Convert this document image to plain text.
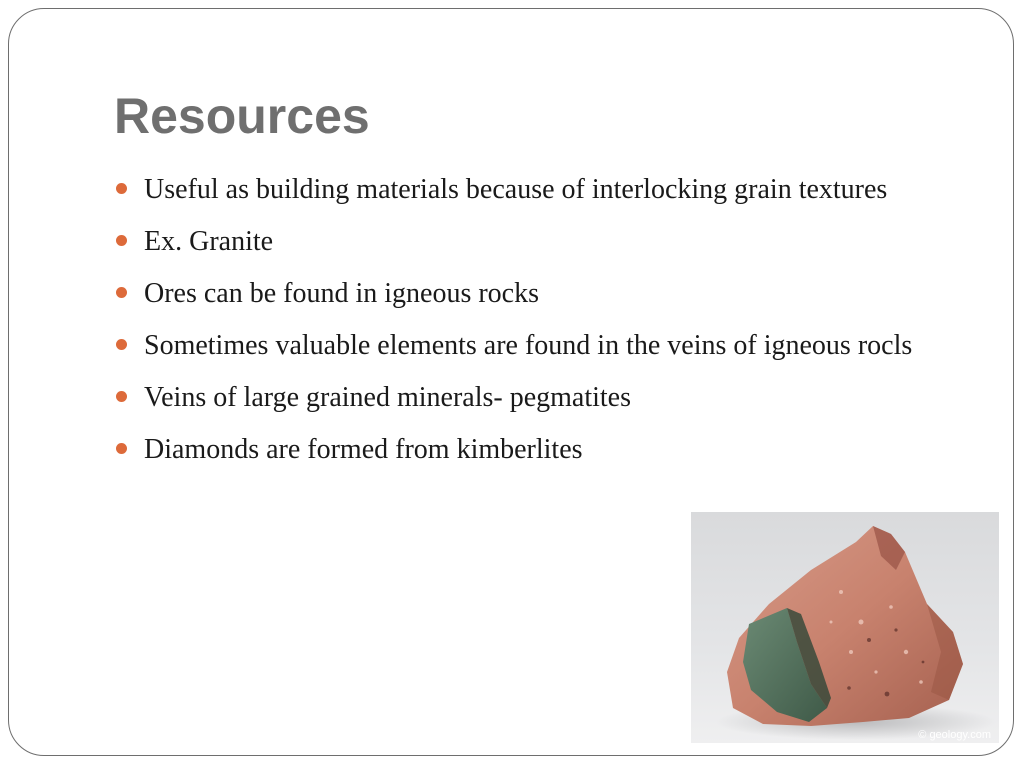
Resources
Useful as building materials because of interlocking grain textures
Ex. Granite
Ores can be found in igneous rocks
Sometimes valuable elements are found in the veins of igneous rocls
Veins of large grained minerals- pegmatites
Diamonds are formed from kimberlites
© geology.com
